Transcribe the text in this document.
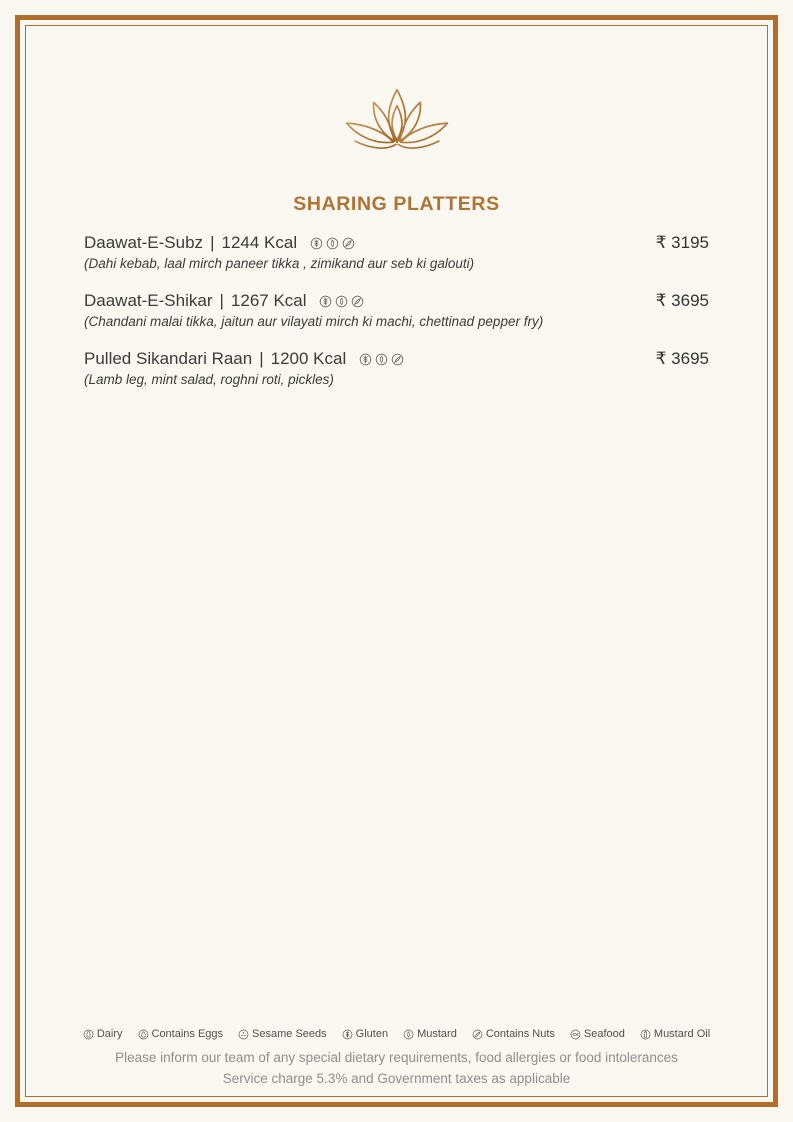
SHARING PLATTERS
Daawat-E-Subz | 1244 Kcal	₹ 3195
(Dahi kebab, laal mirch paneer tikka , zimikand aur seb ki galouti)
Daawat-E-Shikar | 1267 Kcal	₹ 3695
(Chandani malai tikka, jaitun aur vilayati mirch ki machi, chettinad pepper fry)
Pulled Sikandari Raan | 1200 Kcal	₹ 3695
(Lamb leg, mint salad, roghni roti, pickles)
Dairy	Contains Eggs	Sesame Seeds	Gluten	Mustard	Contains Nuts	Seafood	Mustard Oil
Please inform our team of any special dietary requirements, food allergies or food intolerances
Service charge 5.3% and Government taxes as applicable
